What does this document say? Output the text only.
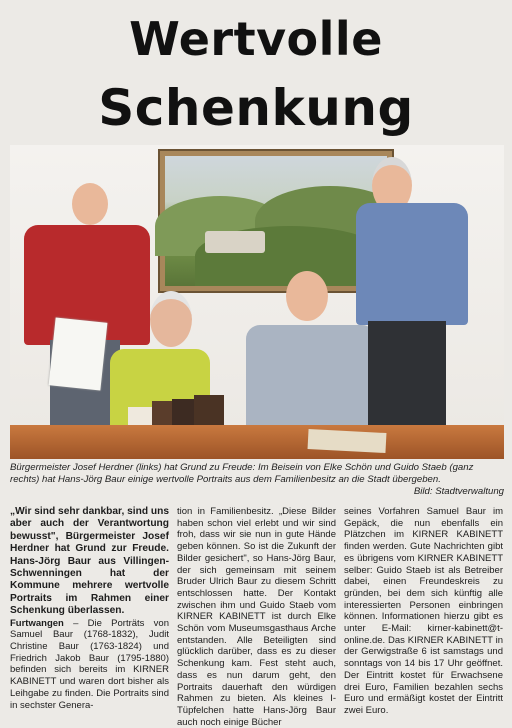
Wertvolle
Schenkung
Bürgermeister Josef Herdner (links) hat Grund zu Freude: Im Beisein von Elke Schön und Guido Staeb (ganz rechts) hat Hans-Jörg Baur einige wertvolle Portraits aus dem Familienbesitz an die Stadt übergeben.
Bild: Stadtverwaltung

„Wir sind sehr dankbar, sind uns aber auch der Verantwortung bewusst", Bürgermeister Josef Herdner hat Grund zur Freude. Hans-Jörg Baur aus Villingen-Schwenningen hat der Kommune mehrere wertvolle Portraits im Rahmen einer Schenkung überlassen.

Furtwangen – Die Porträts von Samuel Baur (1768-1832), Judit Christine Baur (1763-1824) und Friedrich Jakob Baur (1795-1880) befinden sich bereits im KIRNER KABINETT und waren dort bisher als Leihgabe zu finden. Die Portraits sind in sechster Genera-

tion in Familienbesitz. „Diese Bilder haben schon viel erlebt und wir sind froh, dass wir sie nun in gute Hände geben können. So ist die Zukunft der Bilder gesichert", so Hans-Jörg Baur, der sich gemeinsam mit seinem Bruder Ulrich Baur zu diesem Schritt entschlossen hatte. Der Kontakt zwischen ihm und Guido Staeb vom KIRNER KABINETT ist durch Elke Schön vom Museumsgasthaus Arche entstanden. Alle Beteiligten sind glücklich darüber, dass es zu dieser Schenkung kam. Fest steht auch, dass es nun darum geht, den Portraits dauerhaft den würdigen Rahmen zu bieten. Als kleines I-Tüpfelchen hatte Hans-Jörg Baur auch noch einige Bücher

seines Vorfahren Samuel Baur im Gepäck, die nun ebenfalls ein Plätzchen im KIRNER KABINETT finden werden. Gute Nachrichten gibt es übrigens vom KIRNER KABINETT selber: Guido Staeb ist als Betreiber dabei, einen Freundeskreis zu gründen, bei dem sich künftig alle interessierten Personen einbringen können. Informationen hierzu gibt es unter E-Mail: kirner-kabinett@t-online.de. Das KIRNER KABINETT in der Gerwigstraße 6 ist samstags und sonntags von 14 bis 17 Uhr geöffnet. Der Eintritt kostet für Erwachsene drei Euro, Familien bezahlen sechs Euro und ermäßigt kostet der Eintritt zwei Euro.
